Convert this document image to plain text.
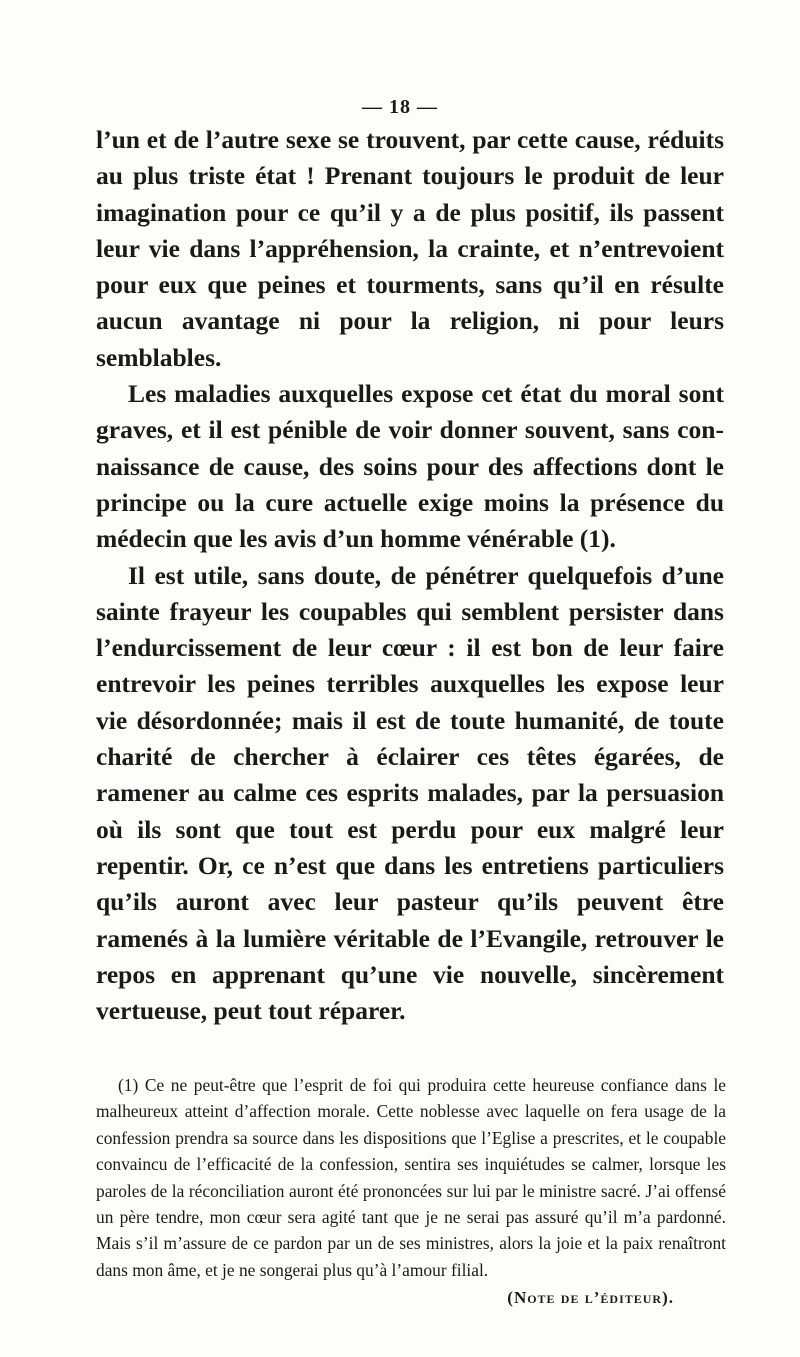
— 18 —

l’un et de l’autre sexe se trouvent, par cette cause, réduits au plus triste état ! Prenant toujours le produit de leur imagination pour ce qu’il y a de plus positif, ils passent leur vie dans l’appréhension, la crainte, et n’entrevoient pour eux que peines et tourments, sans qu’il en résulte aucun avantage ni pour la religion, ni pour leurs semblables.

Les maladies auxquelles expose cet état du moral sont graves, et il est pénible de voir donner souvent, sans connaissance de cause, des soins pour des affections dont le principe ou la cure actuelle exige moins la présence du médecin que les avis d’un homme vénérable (1).

Il est utile, sans doute, de pénétrer quelquefois d’une sainte frayeur les coupables qui semblent persister dans l’endurcissement de leur cœur : il est bon de leur faire entrevoir les peines terribles auxquelles les expose leur vie désordonnée; mais il est de toute humanité, de toute charité de chercher à éclairer ces têtes égarées, de ramener au calme ces esprits malades, par la persuasion où ils sont que tout est perdu pour eux malgré leur repentir. Or, ce n’est que dans les entretiens particuliers qu’ils auront avec leur pasteur qu’ils peuvent être ramenés à la lumière véritable de l’Evangile, retrouver le repos en apprenant qu’une vie nouvelle, sincèrement vertueuse, peut tout réparer.

(1) Ce ne peut-être que l’esprit de foi qui produira cette heureuse confiance dans le malheureux atteint d’affection morale. Cette noblesse avec laquelle on fera usage de la confession prendra sa source dans les dispositions que l’Eglise a prescrites, et le coupable convaincu de l’efficacité de la confession, sentira ses inquiétudes se calmer, lorsque les paroles de la réconciliation auront été prononcées sur lui par le ministre sacré. J’ai offensé un père tendre, mon cœur sera agité tant que je ne serai pas assuré qu’il m’a pardonné. Mais s’il m’assure de ce pardon par un de ses ministres, alors la joie et la paix renaîtront dans mon âme, et je ne songerai plus qu’à l’amour filial.

(Note de l’éditeur).
